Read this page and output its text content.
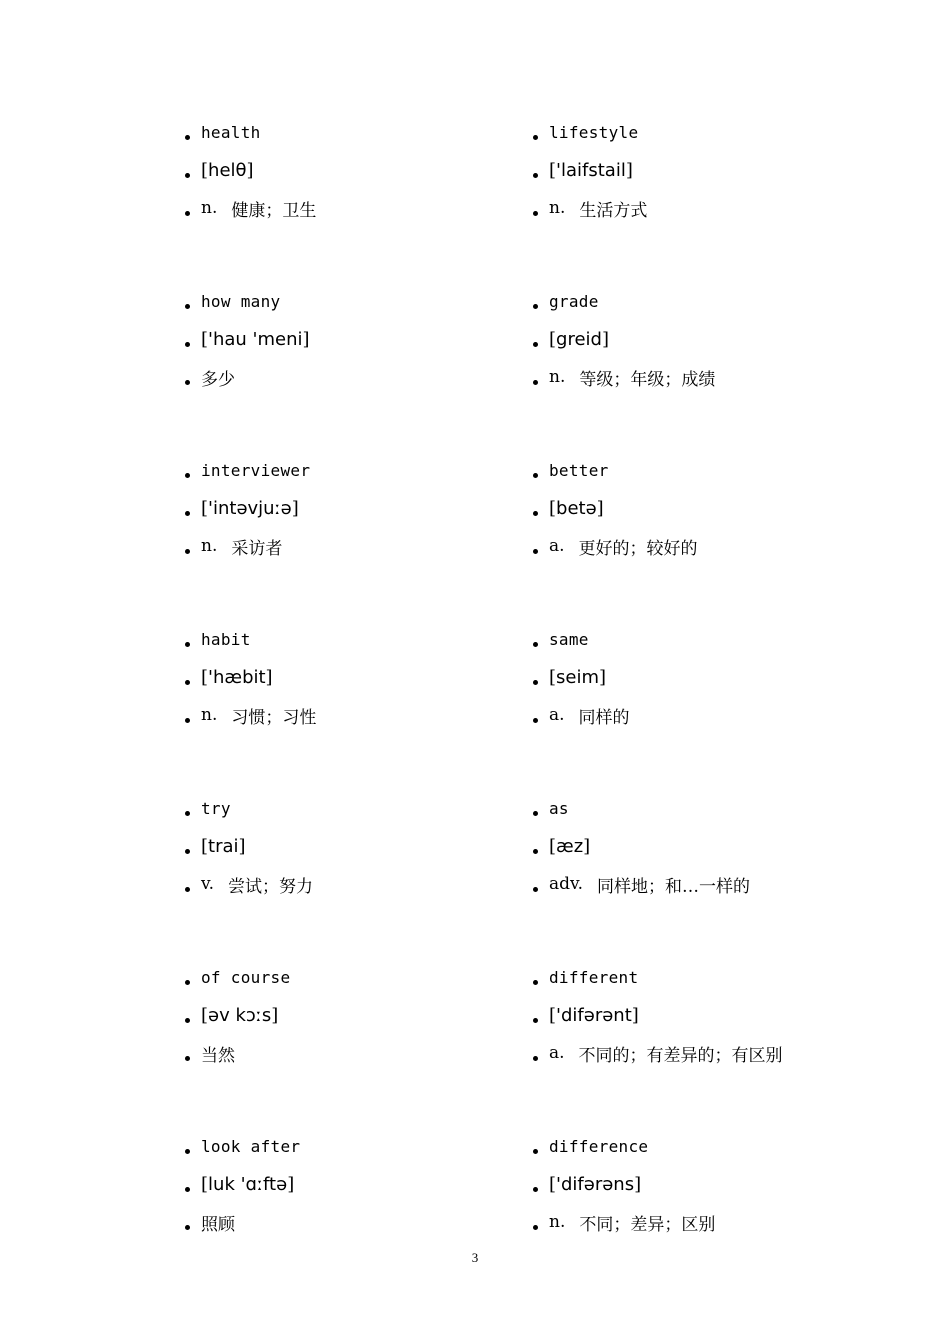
health
[ helθ ]
n. 健康；卫生
lifestyle
[ 'laifstail ]
n. 生活方式
how many
[ 'hau 'meni ]
多少
grade
[ greid ]
n. 等级；年级；成绩
interviewer
[ 'intəvjuːə ]
n. 采访者
better
[ betə ]
a. 更好的；较好的
habit
[ 'hæbit ]
n. 习惯；习性
same
[ seim ]
a. 同样的
try
[ trai ]
v. 尝试；努力
as
[ æz ]
adv. 同样地；和…一样的
of course
[ əv kɔːs ]
当然
different
[ 'difərənt ]
a. 不同的；有差异的；有区别
look after
[ luk 'ɑːftə ]
照顾
difference
[ 'difərəns ]
n. 不同；差异；区别
3
